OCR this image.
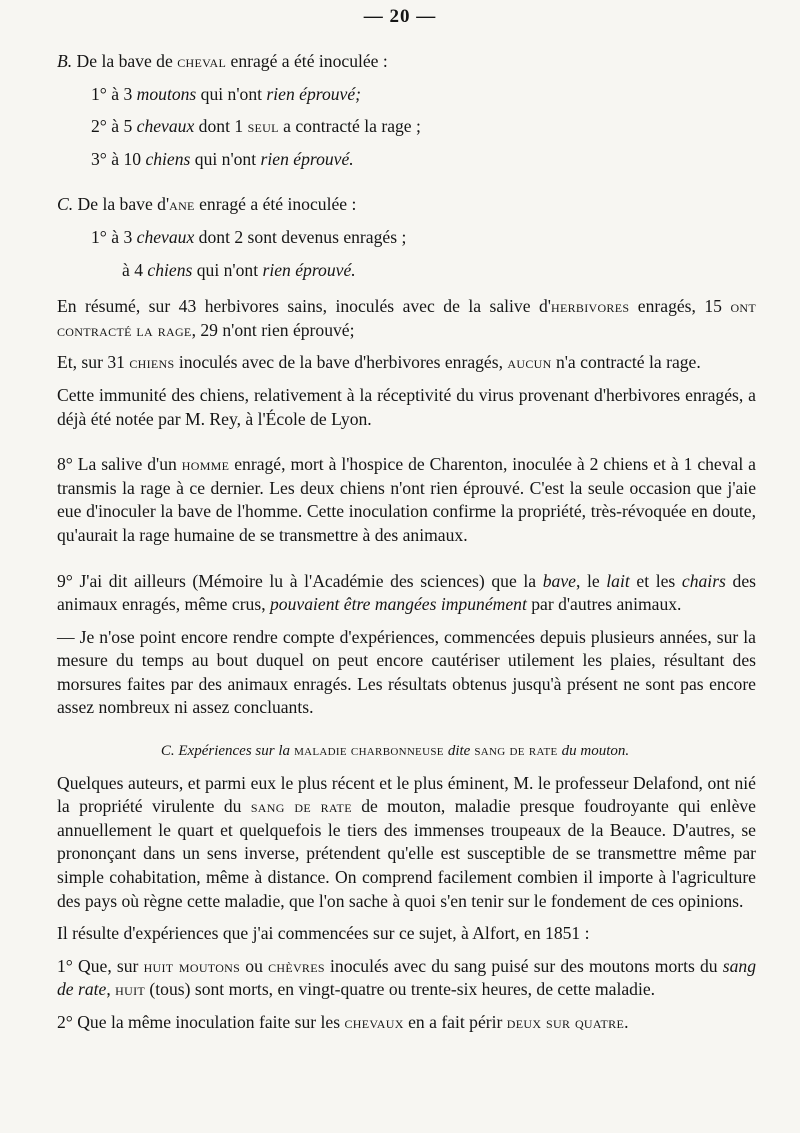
— 20 —

B. De la bave de cheval enragé a été inoculée :

1° à 3 moutons qui n'ont rien éprouvé;

2° à 5 chevaux dont 1 seul a contracté la rage ;

3° à 10 chiens qui n'ont rien éprouvé.

C. De la bave d'ane enragé a été inoculée :

1° à 3 chevaux dont 2 sont devenus enragés ;

à 4 chiens qui n'ont rien éprouvé.

En résumé, sur 43 herbivores sains, inoculés avec de la salive d'herbivores enragés, 15 ont contracté la rage, 29 n'ont rien éprouvé;

Et, sur 31 chiens inoculés avec de la bave d'herbivores enragés, aucun n'a contracté la rage.

Cette immunité des chiens, relativement à la réceptivité du virus provenant d'herbivores enragés, a déjà été notée par M. Rey, à l'École de Lyon.

8° La salive d'un homme enragé, mort à l'hospice de Charenton, inoculée à 2 chiens et à 1 cheval a transmis la rage à ce dernier. Les deux chiens n'ont rien éprouvé. C'est la seule occasion que j'aie eue d'inoculer la bave de l'homme. Cette inoculation confirme la propriété, très-révoquée en doute, qu'aurait la rage humaine de se transmettre à des animaux.

9° J'ai dit ailleurs (Mémoire lu à l'Académie des sciences) que la bave, le lait et les chairs des animaux enragés, même crus, pouvaient être mangées impunément par d'autres animaux.

— Je n'ose point encore rendre compte d'expériences, commencées depuis plusieurs années, sur la mesure du temps au bout duquel on peut encore cautériser utilement les plaies, résultant des morsures faites par des animaux enragés. Les résultats obtenus jusqu'à présent ne sont pas encore assez nombreux ni assez concluants.

C. Expériences sur la maladie charbonneuse dite sang de rate du mouton.

Quelques auteurs, et parmi eux le plus récent et le plus éminent, M. le professeur Delafond, ont nié la propriété virulente du sang de rate de mouton, maladie presque foudroyante qui enlève annuellement le quart et quelquefois le tiers des immenses troupeaux de la Beauce. D'autres, se prononçant dans un sens inverse, prétendent qu'elle est susceptible de se transmettre même par simple cohabitation, même à distance. On comprend facilement combien il importe à l'agriculture des pays où règne cette maladie, que l'on sache à quoi s'en tenir sur le fondement de ces opinions.

Il résulte d'expériences que j'ai commencées sur ce sujet, à Alfort, en 1851 :

1° Que, sur huit moutons ou chèvres inoculés avec du sang puisé sur des moutons morts du sang de rate, huit (tous) sont morts, en vingt-quatre ou trente-six heures, de cette maladie.

2° Que la même inoculation faite sur les chevaux en a fait périr deux sur quatre.
